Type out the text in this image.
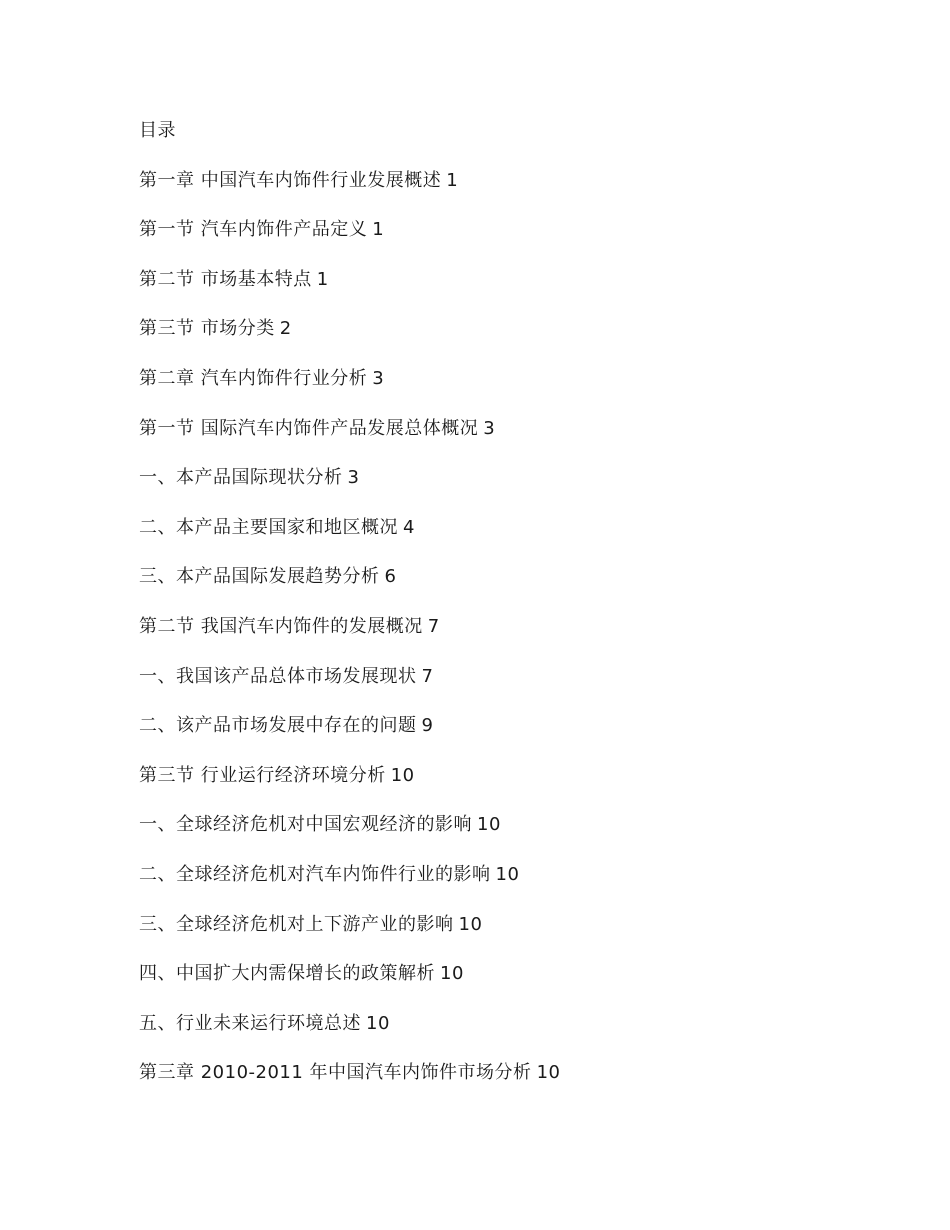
目录
第一章 中国汽车内饰件行业发展概述 1
第一节 汽车内饰件产品定义 1
第二节 市场基本特点 1
第三节 市场分类 2
第二章 汽车内饰件行业分析 3
第一节 国际汽车内饰件产品发展总体概况 3
一、本产品国际现状分析 3
二、本产品主要国家和地区概况 4
三、本产品国际发展趋势分析 6
第二节 我国汽车内饰件的发展概况 7
一、我国该产品总体市场发展现状 7
二、该产品市场发展中存在的问题 9
第三节 行业运行经济环境分析 10
一、全球经济危机对中国宏观经济的影响 10
二、全球经济危机对汽车内饰件行业的影响 10
三、全球经济危机对上下游产业的影响 10
四、中国扩大内需保增长的政策解析 10
五、行业未来运行环境总述 10
第三章 2010-2011 年中国汽车内饰件市场分析 10
